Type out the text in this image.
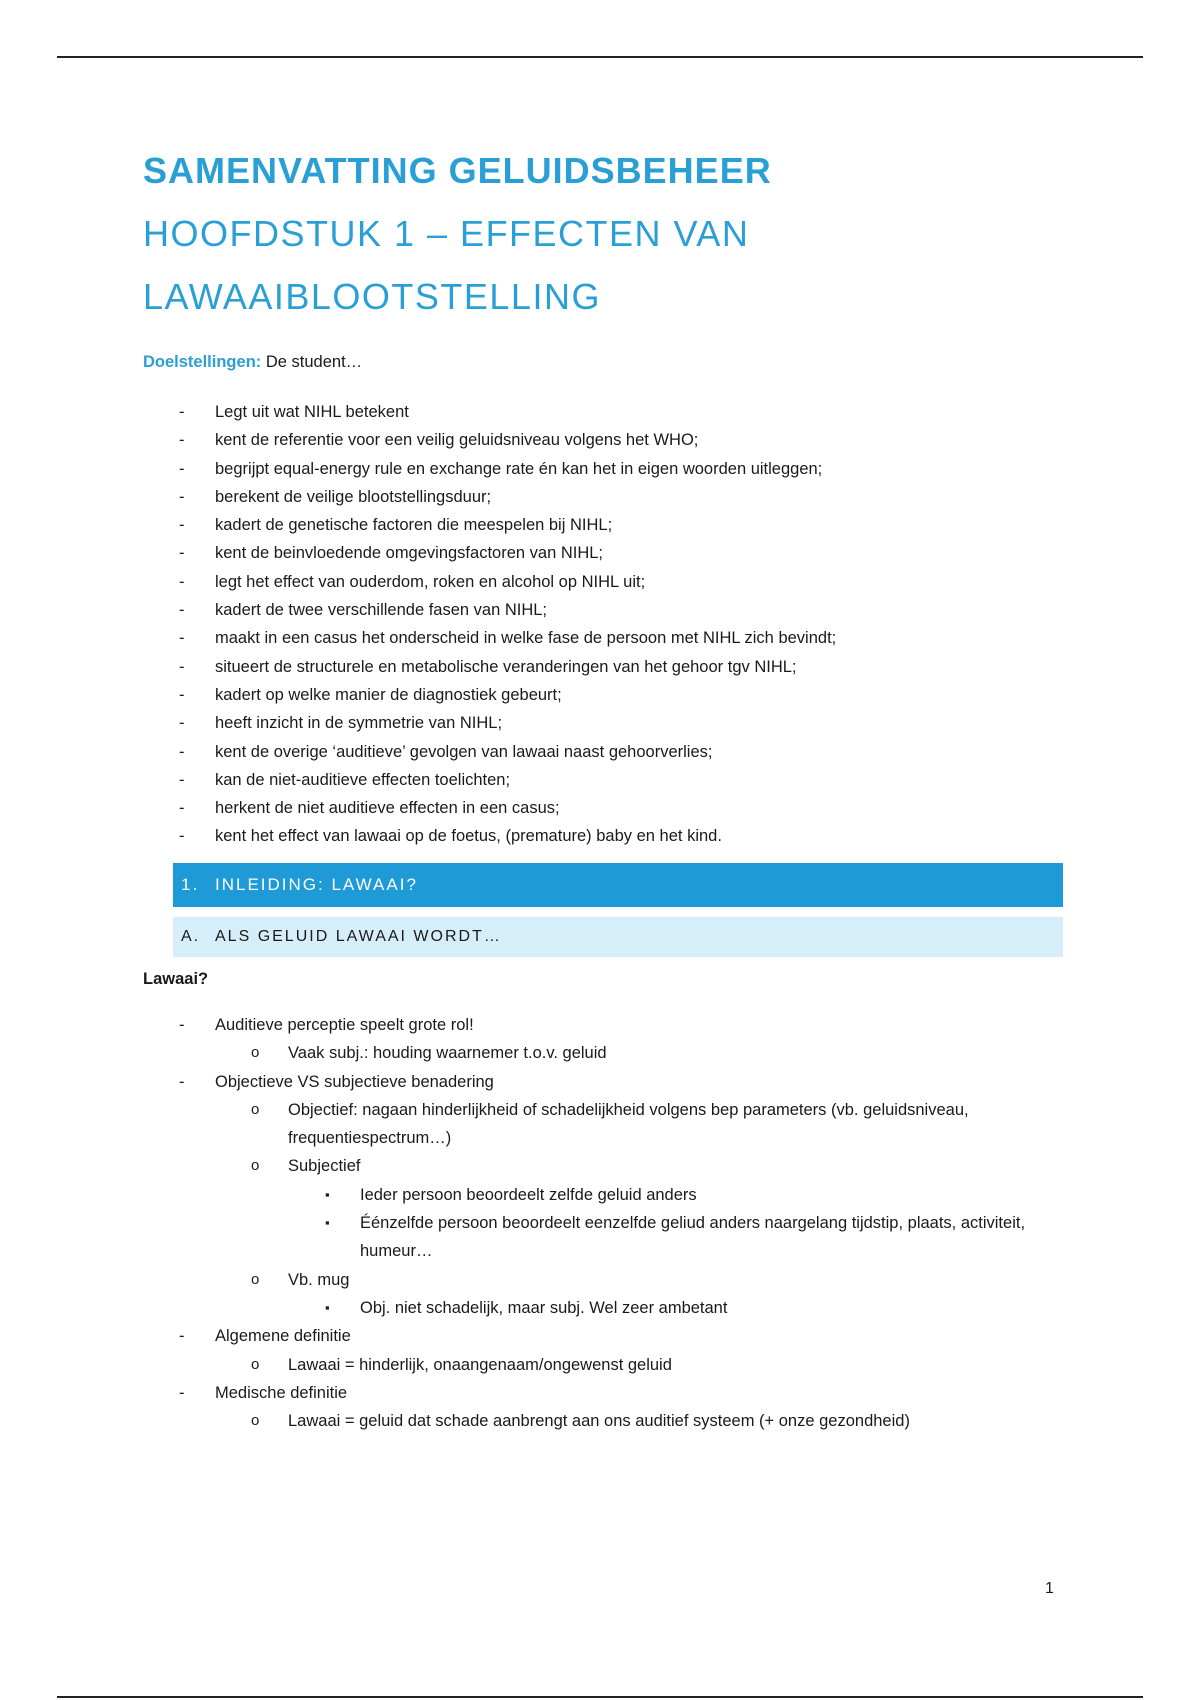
SAMENVATTING GELUIDSBEHEER
HOOFDSTUK 1 – EFFECTEN VAN
LAWAAIBLOOTSTELLING
Doelstellingen: De student…
- Legt uit wat NIHL betekent
- kent de referentie voor een veilig geluidsniveau volgens het WHO;
- begrijpt equal-energy rule en exchange rate én kan het in eigen woorden uitleggen;
- berekent de veilige blootstellingsduur;
- kadert de genetische factoren die meespelen bij NIHL;
- kent de beinvloedende omgevingsfactoren van NIHL;
- legt het effect van ouderdom, roken en alcohol op NIHL uit;
- kadert de twee verschillende fasen van NIHL;
- maakt in een casus het onderscheid in welke fase de persoon met NIHL zich bevindt;
- situeert de structurele en metabolische veranderingen van het gehoor tgv NIHL;
- kadert op welke manier de diagnostiek gebeurt;
- heeft inzicht in de symmetrie van NIHL;
- kent de overige ‘auditieve’ gevolgen van lawaai naast gehoorverlies;
- kan de niet-auditieve effecten toelichten;
- herkent de niet auditieve effecten in een casus;
- kent het effect van lawaai op de foetus, (premature) baby en het kind.
1. INLEIDING: LAWAAI?
A. ALS GELUID LAWAAI WORDT…

Lawaai?

- Auditieve perceptie speelt grote rol!
o Vaak subj.: houding waarnemer t.o.v. geluid
- Objectieve VS subjectieve benadering
o Objectief: nagaan hinderlijkheid of schadelijkheid volgens bep parameters (vb. geluidsniveau, frequentiespectrum…)
o Subjectief
▪ Ieder persoon beoordeelt zelfde geluid anders
▪ Éénzelfde persoon beoordeelt eenzelfde geliud anders naargelang tijdstip, plaats, activiteit, humeur…
o Vb. mug
▪ Obj. niet schadelijk, maar subj. Wel zeer ambetant
- Algemene definitie
o Lawaai = hinderlijk, onaangenaam/ongewenst geluid
- Medische definitie
o Lawaai = geluid dat schade aanbrengt aan ons auditief systeem (+ onze gezondheid)
1
